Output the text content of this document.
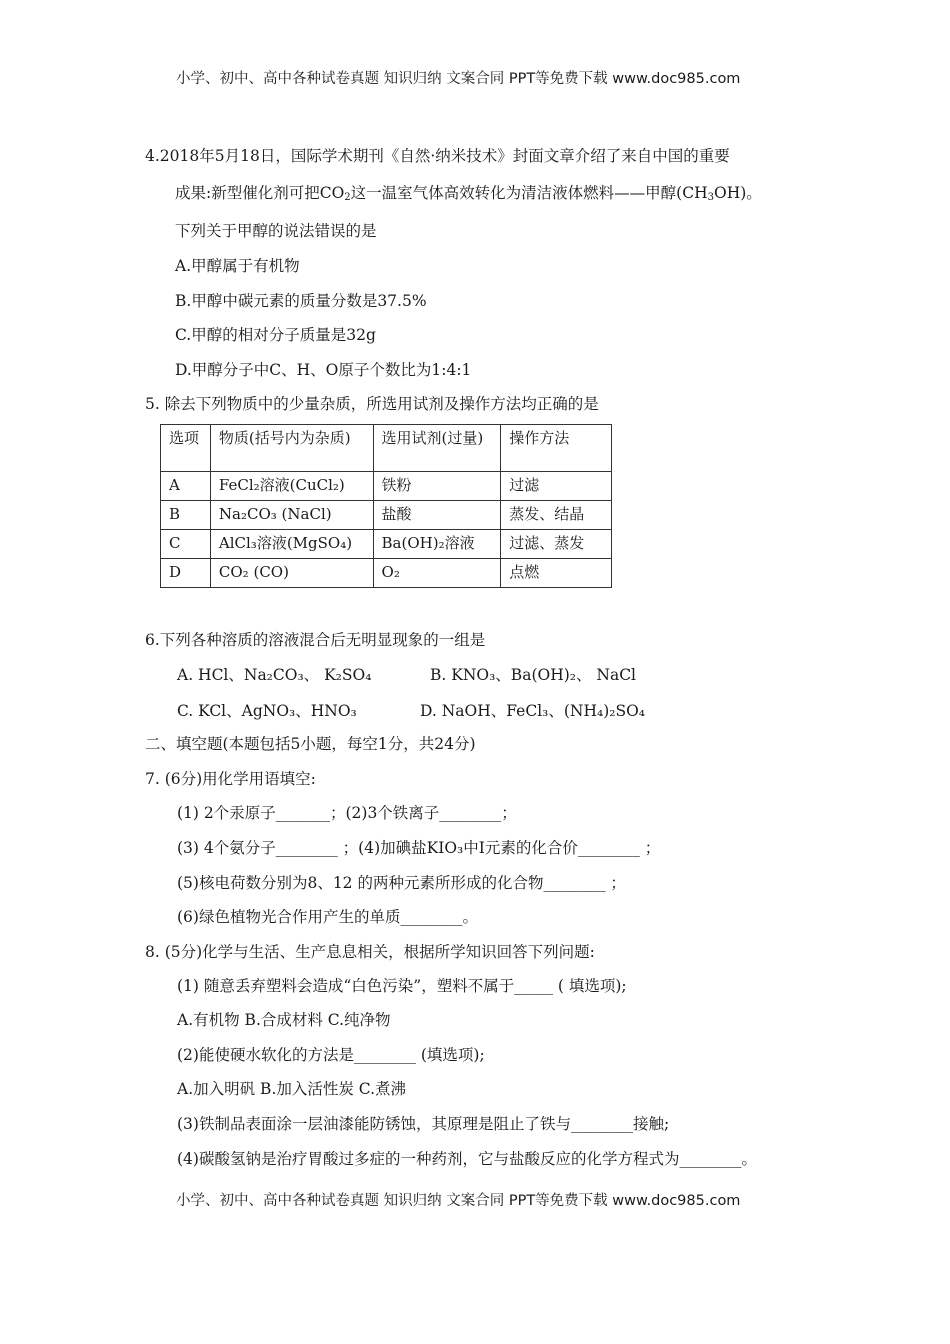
小学、初中、高中各种试卷真题 知识归纳 文案合同 PPT等免费下载 www.doc985.com
4.2018年5月18日，国际学术期刊《自然·纳米技术》封面文章介绍了来自中国的重要
成果:新型催化剂可把$CO_2$这一温室气体高效转化为清洁液体燃料——甲醇$(CH_3OH)$。
下列关于甲醇的说法错误的是
A.甲醇属于有机物
B.甲醇中碳元素的质量分数是37.5%
C.甲醇的相对分子质量是32g
D.甲醇分子中C、H、O原子个数比为1:4:1
5. 除去下列物质中的少量杂质，所选用试剂及操作方法均正确的是
选项	物质(括号内为杂质)	选用试剂(过量)	操作方法
A	FeCl₂溶液(CuCl₂)	铁粉	过滤
B	Na₂CO₃ (NaCl)	盐酸	蒸发、结晶
C	AlCl₃溶液(MgSO₄)	Ba(OH)₂溶液	过滤、蒸发
D	CO₂ (CO)	O₂	点燃
6.下列各种溶质的溶液混合后无明显现象的一组是
A. HCl、Na₂CO₃、 K₂SO₄	B. KNO₃、Ba(OH)₂、 NaCl
C. KCl、AgNO₃、HNO₃	D. NaOH、FeCl₃、(NH₄)₂SO₄
二、填空题(本题包括5小题，每空1分，共24分)
7. (6分)用化学用语填空:
(1) 2个汞原子_______；(2)3个铁离子________；
(3) 4个氨分子________ ；(4)加碘盐KIO₃中I元素的化合价________ ；
(5)核电荷数分别为8、12 的两种元素所形成的化合物________ ；
(6)绿色植物光合作用产生的单质________。
8. (5分)化学与生活、生产息息相关，根据所学知识回答下列问题:
(1) 随意丢弃塑料会造成“白色污染”，塑料不属于_____ ( 填选项);
A.有机物 B.合成材料 C.纯净物
(2)能使硬水软化的方法是________ (填选项);
A.加入明矾 B.加入活性炭 C.煮沸
(3)铁制品表面涂一层油漆能防锈蚀，其原理是阻止了铁与________接触;
(4)碳酸氢钠是治疗胃酸过多症的一种药剂，它与盐酸反应的化学方程式为________。
小学、初中、高中各种试卷真题 知识归纳 文案合同 PPT等免费下载 www.doc985.com
